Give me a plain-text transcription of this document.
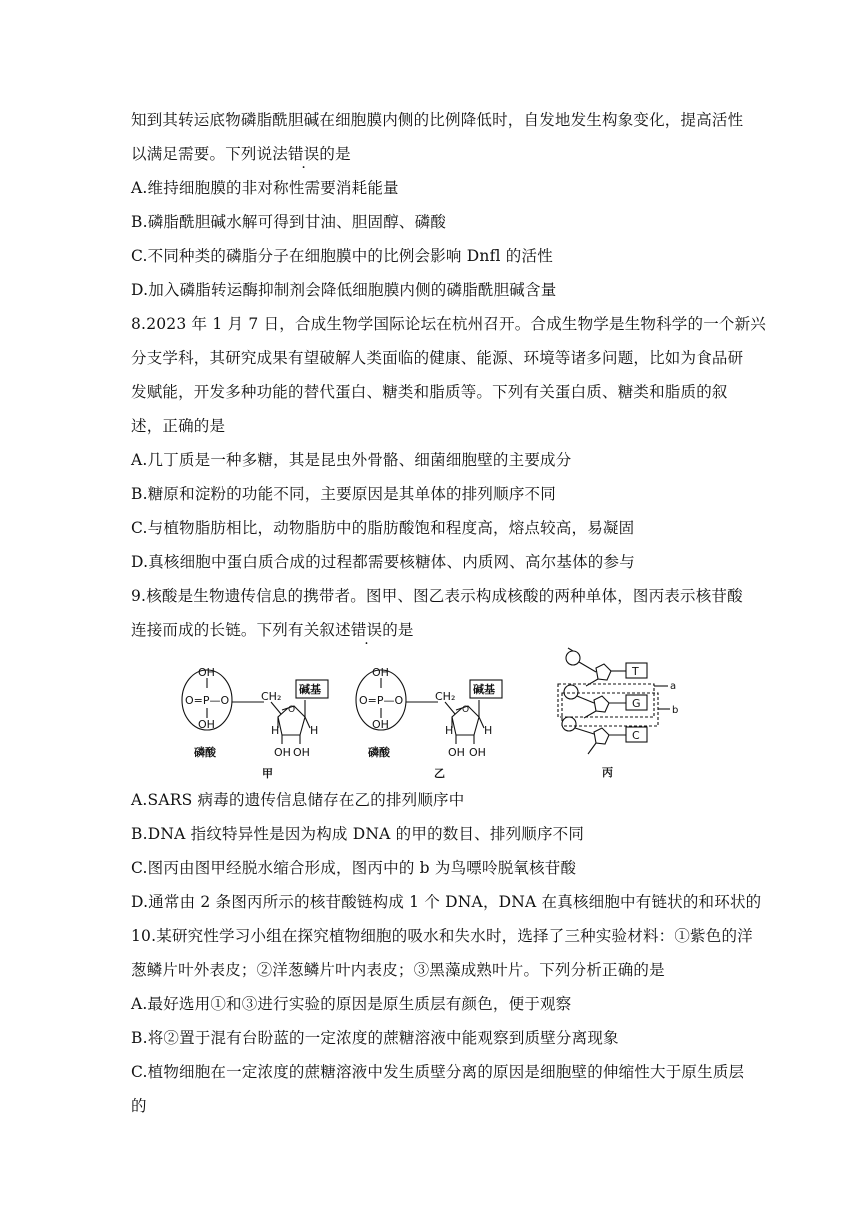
知到其转运底物磷脂酰胆碱在细胞膜内侧的比例降低时，自发地发生构象变化，提高活性
以满足需要。下列说法错误的是
A.维持细胞膜的非对称性需要消耗能量
B.磷脂酰胆碱水解可得到甘油、胆固醇、磷酸
C.不同种类的磷脂分子在细胞膜中的比例会影响 Dnfl 的活性
D.加入磷脂转运酶抑制剂会降低细胞膜内侧的磷脂酰胆碱含量
8.2023 年 1 月 7 日，合成生物学国际论坛在杭州召开。合成生物学是生物科学的一个新兴
分支学科，其研究成果有望破解人类面临的健康、能源、环境等诸多问题，比如为食品研
发赋能，开发多种功能的替代蛋白、糖类和脂质等。下列有关蛋白质、糖类和脂质的叙
述，正确的是
A.几丁质是一种多糖，其是昆虫外骨骼、细菌细胞壁的主要成分
B.糖原和淀粉的功能不同，主要原因是其单体的排列顺序不同
C.与植物脂肪相比，动物脂肪中的脂肪酸饱和程度高，熔点较高，易凝固
D.真核细胞中蛋白质合成的过程都需要核糖体、内质网、高尔基体的参与
9.核酸是生物遗传信息的携带者。图甲、图乙表示构成核酸的两种单体，图丙表示核苷酸
连接而成的长链。下列有关叙述错误的是
OH
O=P—O
OH
CH₂
碱基
O
H	H
OH OH
磷酸
甲
OH
O=P—O
OH
CH₂
碱基
O
H	H
OH OH
磷酸
乙
T
G
C
a
b
丙
A.SARS 病毒的遗传信息储存在乙的排列顺序中
B.DNA 指纹特异性是因为构成 DNA 的甲的数目、排列顺序不同
C.图丙由图甲经脱水缩合形成，图丙中的 b 为鸟嘌呤脱氧核苷酸
D.通常由 2 条图丙所示的核苷酸链构成 1 个 DNA，DNA 在真核细胞中有链状的和环状的
10.某研究性学习小组在探究植物细胞的吸水和失水时，选择了三种实验材料：①紫色的洋
葱鳞片叶外表皮；②洋葱鳞片叶内表皮；③黑藻成熟叶片。下列分析正确的是
A.最好选用①和③进行实验的原因是原生质层有颜色，便于观察
B.将②置于混有台盼蓝的一定浓度的蔗糖溶液中能观察到质壁分离现象
C.植物细胞在一定浓度的蔗糖溶液中发生质壁分离的原因是细胞壁的伸缩性大于原生质层
的
